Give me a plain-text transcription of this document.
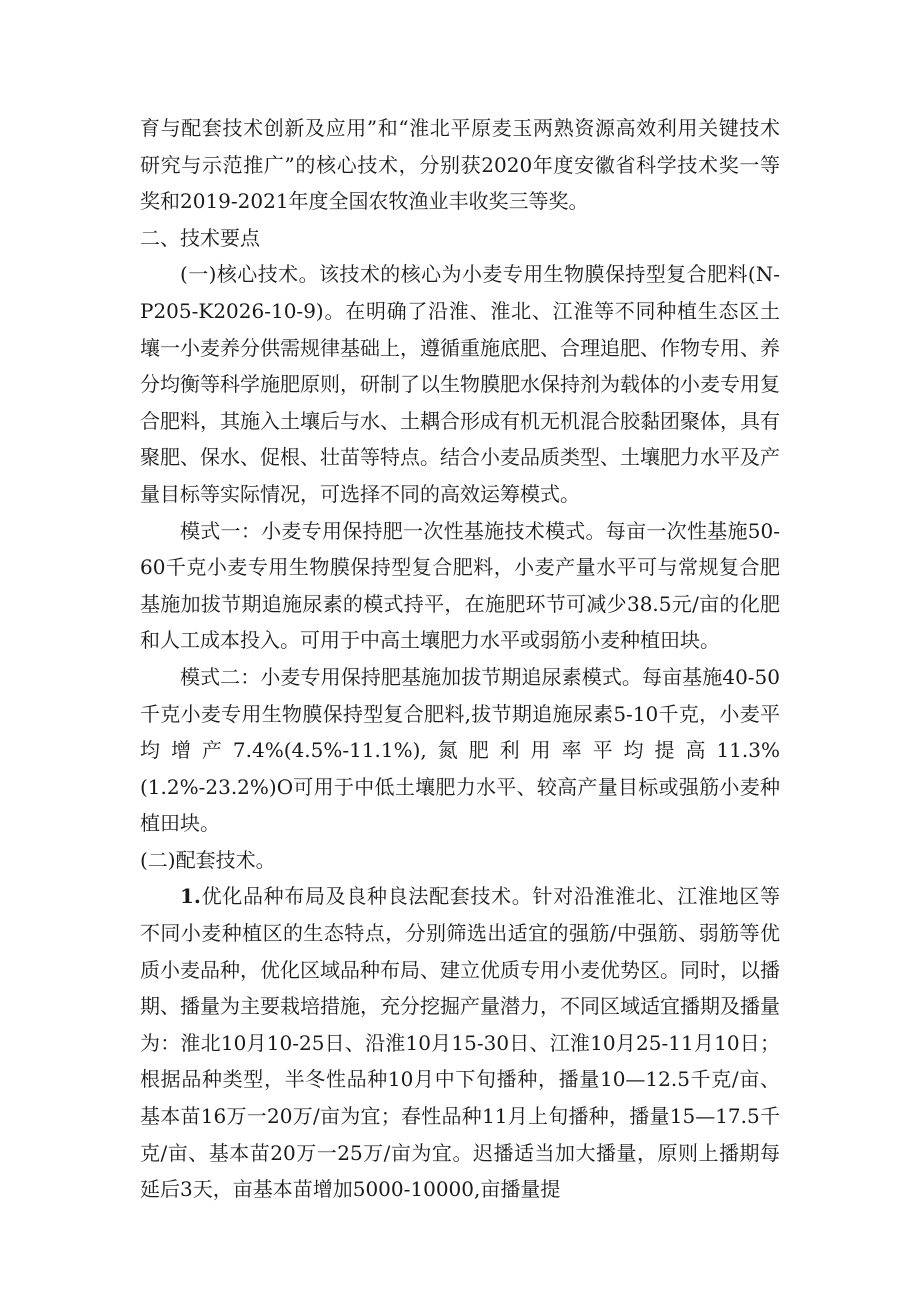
育与配套技术创新及应用”和“淮北平原麦玉两熟资源高效利用关键技术研究与示范推广”的核心技术，分别获2020年度安徽省科学技术奖一等奖和2019-2021年度全国农牧渔业丰收奖三等奖。

二、技术要点

(一)核心技术。该技术的核心为小麦专用生物膜保持型复合肥料(N-P205-K2026-10-9)。在明确了沿淮、淮北、江淮等不同种植生态区土壤一小麦养分供需规律基础上，遵循重施底肥、合理追肥、作物专用、养分均衡等科学施肥原则，研制了以生物膜肥水保持剂为载体的小麦专用复合肥料，其施入土壤后与水、土耦合形成有机无机混合胶黏团聚体，具有聚肥、保水、促根、壮苗等特点。结合小麦品质类型、土壤肥力水平及产量目标等实际情况，可选择不同的高效运筹模式。

模式一：小麦专用保持肥一次性基施技术模式。每亩一次性基施50-60千克小麦专用生物膜保持型复合肥料，小麦产量水平可与常规复合肥基施加拔节期追施尿素的模式持平，在施肥环节可减少38.5元/亩的化肥和人工成本投入。可用于中高土壤肥力水平或弱筋小麦种植田块。

模式二：小麦专用保持肥基施加拔节期追尿素模式。每亩基施40-50千克小麦专用生物膜保持型复合肥料,拔节期追施尿素5-10千克，小麦平均增产7.4%(4.5%-11.1%),氮肥利用率平均提高11.3%(1.2%-23.2%)O可用于中低土壤肥力水平、较高产量目标或强筋小麦种植田块。

(二)配套技术。

1.优化品种布局及良种良法配套技术。针对沿淮淮北、江淮地区等不同小麦种植区的生态特点，分别筛选出适宜的强筋/中强筋、弱筋等优质小麦品种，优化区域品种布局、建立优质专用小麦优势区。同时，以播期、播量为主要栽培措施，充分挖掘产量潜力，不同区域适宜播期及播量为：淮北10月10-25日、沿淮10月15-30日、江淮10月25-11月10日；根据品种类型，半冬性品种10月中下旬播种，播量10—12.5千克/亩、基本苗16万一20万/亩为宜；春性品种11月上旬播种，播量15—17.5千克/亩、基本苗20万一25万/亩为宜。迟播适当加大播量，原则上播期每延后3天，亩基本苗增加5000-10000,亩播量提
